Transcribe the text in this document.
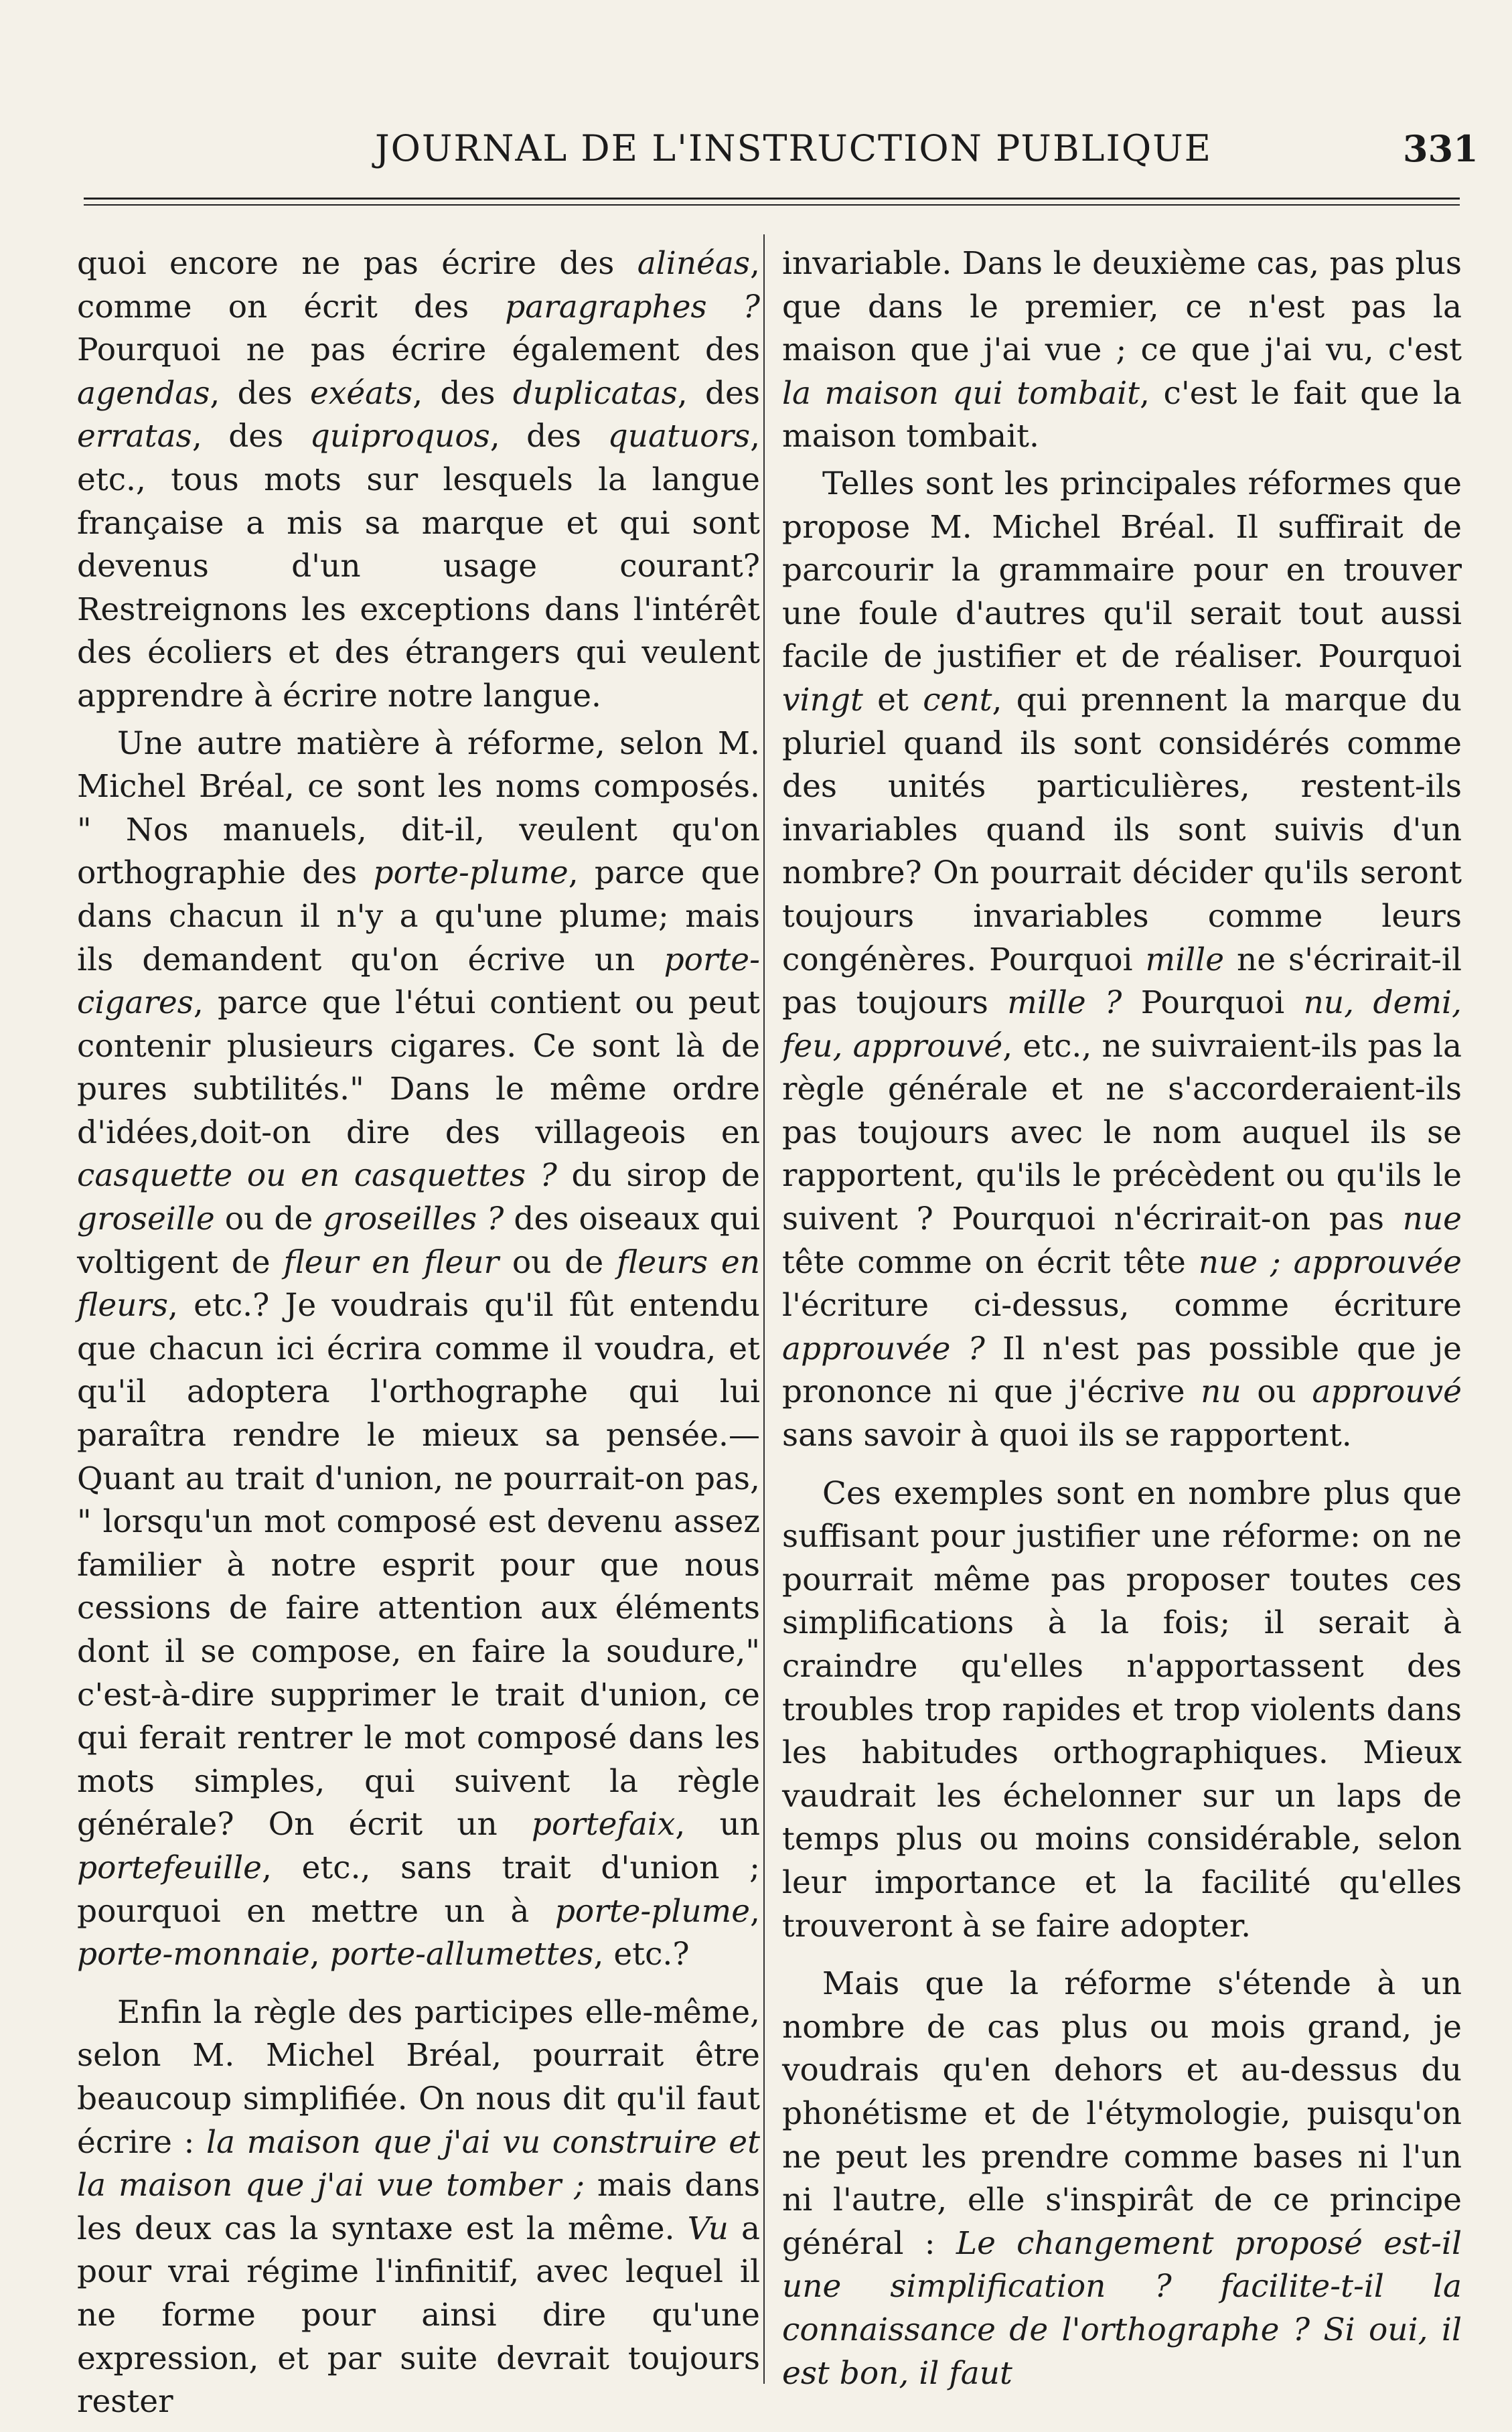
JOURNAL DE L'INSTRUCTION PUBLIQUE	331

quoi encore ne pas écrire des alinéas, comme on écrit des paragraphes ? Pourquoi ne pas écrire également des agendas, des exéats, des duplicatas, des erratas, des quiproquos, des quatuors, etc., tous mots sur lesquels la langue française a mis sa marque et qui sont devenus d'un usage courant? Restreignons les exceptions dans l'intérêt des écoliers et des étrangers qui veulent apprendre à écrire notre langue.

Une autre matière à réforme, selon M. Michel Bréal, ce sont les noms composés. " Nos manuels, dit-il, veulent qu'on orthographie des porte-plume, parce que dans chacun il n'y a qu'une plume; mais ils demandent qu'on écrive un porte-cigares, parce que l'étui contient ou peut contenir plusieurs cigares. Ce sont là de pures subtilités." Dans le même ordre d'idées,doit-on dire des villageois en casquette ou en casquettes ? du sirop de groseille ou de groseilles ? des oiseaux qui voltigent de fleur en fleur ou de fleurs en fleurs, etc.? Je voudrais qu'il fût entendu que chacun ici écrira comme il voudra, et qu'il adoptera l'orthographe qui lui paraîtra rendre le mieux sa pensée.—Quant au trait d'union, ne pourrait-on pas, " lorsqu'un mot composé est devenu assez familier à notre esprit pour que nous cessions de faire attention aux éléments dont il se compose, en faire la soudure," c'est-à-dire supprimer le trait d'union, ce qui ferait rentrer le mot composé dans les mots simples, qui suivent la règle générale? On écrit un portefaix, un portefeuille, etc., sans trait d'union ; pourquoi en mettre un à porte-plume, porte-monnaie, porte-allumettes, etc.?

Enfin la règle des participes elle-même, selon M. Michel Bréal, pourrait être beaucoup simplifiée. On nous dit qu'il faut écrire : la maison que j'ai vu construire et la maison que j'ai vue tomber ; mais dans les deux cas la syntaxe est la même. Vu a pour vrai régime l'infinitif, avec lequel il ne forme pour ainsi dire qu'une expression, et par suite devrait toujours rester

invariable. Dans le deuxième cas, pas plus que dans le premier, ce n'est pas la maison que j'ai vue ; ce que j'ai vu, c'est la maison qui tombait, c'est le fait que la maison tombait.

Telles sont les principales réformes que propose M. Michel Bréal. Il suffirait de parcourir la grammaire pour en trouver une foule d'autres qu'il serait tout aussi facile de justifier et de réaliser. Pourquoi vingt et cent, qui prennent la marque du pluriel quand ils sont considérés comme des unités particulières, restent-ils invariables quand ils sont suivis d'un nombre? On pourrait décider qu'ils seront toujours invariables comme leurs congénères. Pourquoi mille ne s'écrirait-il pas toujours mille ? Pourquoi nu, demi, feu, approuvé, etc., ne suivraient-ils pas la règle générale et ne s'accorderaient-ils pas toujours avec le nom auquel ils se rapportent, qu'ils le précèdent ou qu'ils le suivent ? Pourquoi n'écrirait-on pas nue tête comme on écrit tête nue ; approuvée l'écriture ci-dessus, comme écriture approuvée ? Il n'est pas possible que je prononce ni que j'écrive nu ou approuvé sans savoir à quoi ils se rapportent.

Ces exemples sont en nombre plus que suffisant pour justifier une réforme: on ne pourrait même pas proposer toutes ces simplifications à la fois; il serait à craindre qu'elles n'apportassent des troubles trop rapides et trop violents dans les habitudes orthographiques. Mieux vaudrait les échelonner sur un laps de temps plus ou moins considérable, selon leur importance et la facilité qu'elles trouveront à se faire adopter.

Mais que la réforme s'étende à un nombre de cas plus ou mois grand, je voudrais qu'en dehors et au-dessus du phonétisme et de l'étymologie, puisqu'on ne peut les prendre comme bases ni l'un ni l'autre, elle s'inspirât de ce principe général : Le changement proposé est-il une simplification ? facilite-t-il la connaissance de l'orthographe ? Si oui, il est bon, il faut
